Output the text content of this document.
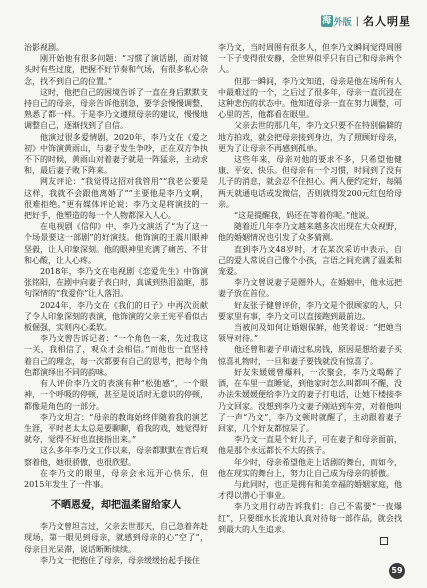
海 外版 | 名人明星

治影视剧。

刚开始他有很多问题：“习惯了演话剧，面对镜头时有些过度，把握不好节奏和气场，有很多私心杂念，找不到自己的位置。”

这时，他把自己的困境告诉了一直在身后默默支持自己的母亲，母亲告诉他别急，要学会慢慢调整，熟悉了都一样。于是李乃文遵照母亲的建议，慢慢地调整自己，逐渐找到了自信。

他演过很多爱情剧，2020年，李乃文在《爱之初》中饰演黄雨山，与妻子发生争吵，正在双方争执不下的时候，黄雨山对着妻子就是一阵猛亲，主动求和，最后妻子败下阵来。

网友评论：“我觉得这招对我管用”“我老公要是这样，我就不会跟他离婚了”“主要他是李乃文啊，很难拒绝。”更有媒体评论说：李乃文是将演技的一把好手，他塑造的每一个人物都深入人心。

在电视剧《信仰》中，李乃文演活了“为了这一个场景要这一部剧”的好演技。他饰演的王震川眼神坚毅，让人印象深刻。他的眼神里充满了痛苦、不甘和心酸，让人心疼。

2018年，李乃文在电视剧《恋爱先生》中饰演张铭阳，在剧中向妻子表白时，真诚到热泪盈眶，那句深情的“我爱你”让人落泪。

2024年，李乃文在《我们的日子》中再次贡献了令人印象深刻的表演，他饰演的父亲王宪平看似古板倔强，实则内心柔软。

李乃文曾告诉记者：“一个角色一来，先过我这一关，我相信了，观众才会相信。”而他也一直坚持着自己的理念，每一次都要有自己的思考，把每个角色都演绎出不同的韵味。

有人评价李乃文的表演有种“松弛感”，一个眼神，一个呼吸的停顿，甚至是说话时无意识的停顿，都像是角色的一部分。

李乃文坦言：“母亲的教诲始终伴随着我的演艺生涯，平时老太太总是要聊聊，看我的戏，她觉得好就夸，觉得不好也直接指出来。”

这么多年李乃文工作以来，母亲都默默在背后观察着他，她很骄傲，也很欣慰。

在李乃文的眼里，母亲会永远开心快乐，但2015年发生了一件事。

不晒恩爱，却把温柔留给家人

李乃文曾坦言过，父亲去世那天，自己急着奔赴现场，第一眼见到母亲，就感到母亲的心“空了”，母亲目光呆滞，说话断断续续。

李乃文一把抱住了母亲，母亲缓缓抬起手接住

李乃文，当时周围有很多人，但李乃文瞬间觉得周围一下子变得很安静，全世界似乎只有自己和母亲两个人。

但那一瞬间，李乃文知道，母亲是他在场所有人中最难过的一个，之后过了很多年，母亲一直沉浸在这种悲伤的状态中。他知道母亲一直在努力调整，可心里的苦，他都看在眼里。

父亲去世的那几年，李乃文只要不在特别偏僻的地方拍戏，就会把母亲接到身边，为了照顾好母亲，更为了让母亲不再感到孤单。

这些年来，母亲对他的要求不多，只希望他健康、平安、快乐。但母亲有一个习惯，时间到了没有儿子的消息，就会忍不住担心。两人便约定好，每隔两天就通电话或发微信，否则就得发200元红包给母亲。

“这是提醒我，妈还在等着你呢。”他说。

随着近几年李乃文越来越多次出现在大众视野，他的婚姻情况也引发了众多猜测。

直到李乃文48岁时，才在某次采访中表示，自己的爱人常说自己像个小孩，言语之间充满了温柔和宠爱。

李乃文曾说妻子是圈外人，在婚姻中，他永远把妻子放在首位。

好友张子健曾评价，李乃文是个很顾家的人，只要家里有事，李乃文可以直接跑到最前边。

当被问及如何让婚姻保鲜，他笑着说：“把她当领导对待。”

他还曾和妻子申请过私房钱，原因是想给妻子买惊喜礼物时，一旦和妻子要钱就没有惊喜了。

好友朱媛媛曾爆料，一次聚会，李乃文喝醉了酒，在车里一直睡觉，到他家时怎么叫都叫不醒，没办法朱媛媛便给李乃文的妻子打电话，让她下楼接李乃文回家。没想到李乃文妻子刚站到车旁，对着他叫了一声“乃文”，李乃文顿时就醒了，主动跟着妻子回家，几个好友都惊呆了。

李乃文一直是个好儿子，可在妻子和母亲面前，他是那个永远都长不大的孩子。

年少时，母亲希望他走上话剧的舞台，而如今，他在现实的舞台上，努力让自己成为母亲的骄傲。

与此同时，也正是拥有和美幸福的婚姻家庭，他才得以潜心于事业。

李乃文用行动告诉我们：自己不需要“一夜爆红”，只要细水长流地认真对待每一部作品，就会找到最大的人生追求。

59
